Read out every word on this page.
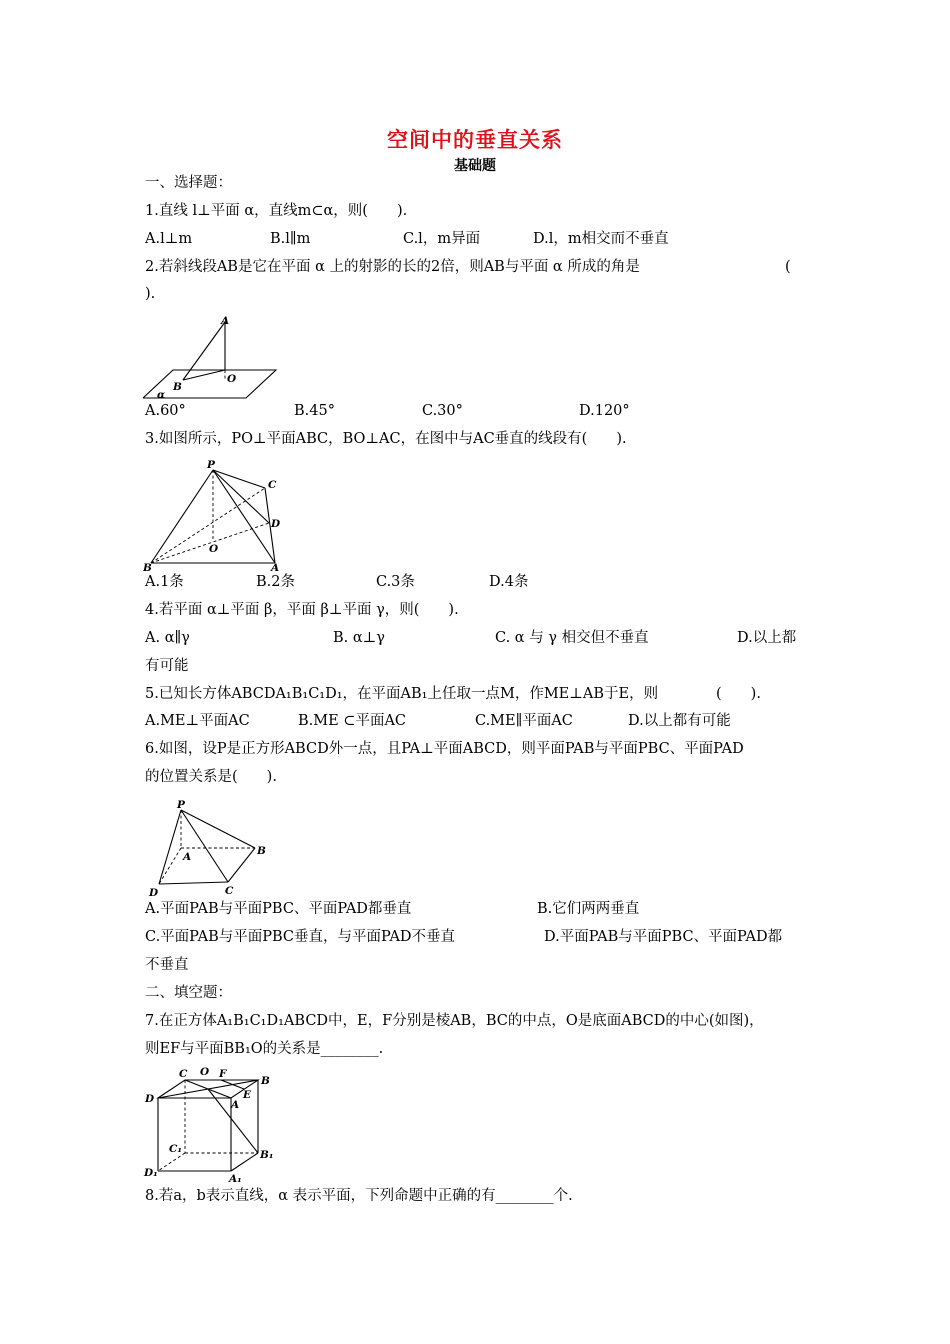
空间中的垂直关系
基础题
一、选择题：
1.直线 l⊥平面 α，直线m⊂α，则(　　).
A.l⊥m	B.l∥m	C.l，m异面	D.l，m相交而不垂直
2.若斜线段AB是它在平面 α 上的射影的长的2倍，则AB与平面 α 所成的角是	(
).
A
B
O
α
A.60°	B.45°	C.30°	D.120°
3.如图所示，PO⊥平面ABC，BO⊥AC，在图中与AC垂直的线段有(　　).
P
C
D
O
B	A
A.1条	B.2条	C.3条	D.4条
4.若平面 α⊥平面 β，平面 β⊥平面 γ，则(　　).
A. α∥γ	B. α⊥γ	C. α 与 γ 相交但不垂直	D.以上都
有可能
5.已知长方体ABCDA₁B₁C₁D₁，在平面AB₁上任取一点M，作ME⊥AB于E，则	(　　).
A.ME⊥平面AC	B.ME ⊂平面AC	C.ME∥平面AC	D.以上都有可能
6.如图，设P是正方形ABCD外一点，且PA⊥平面ABCD，则平面PAB与平面PBC、平面PAD
的位置关系是(　　).
P
A	B
D	C
A.平面PAB与平面PBC、平面PAD都垂直	B.它们两两垂直
C.平面PAB与平面PBC垂直，与平面PAD不垂直	D.平面PAB与平面PBC、平面PAD都
不垂直
二、填空题：
7.在正方体A₁B₁C₁D₁ABCD中，E，F分别是棱AB，BC的中点，O是底面ABCD的中心(如图)，
则EF与平面BB₁O的关系是________.
C O F
B
D	A
E
C₁	B₁
D₁	A₁
8.若a，b表示直线，α 表示平面，下列命题中正确的有________个.
